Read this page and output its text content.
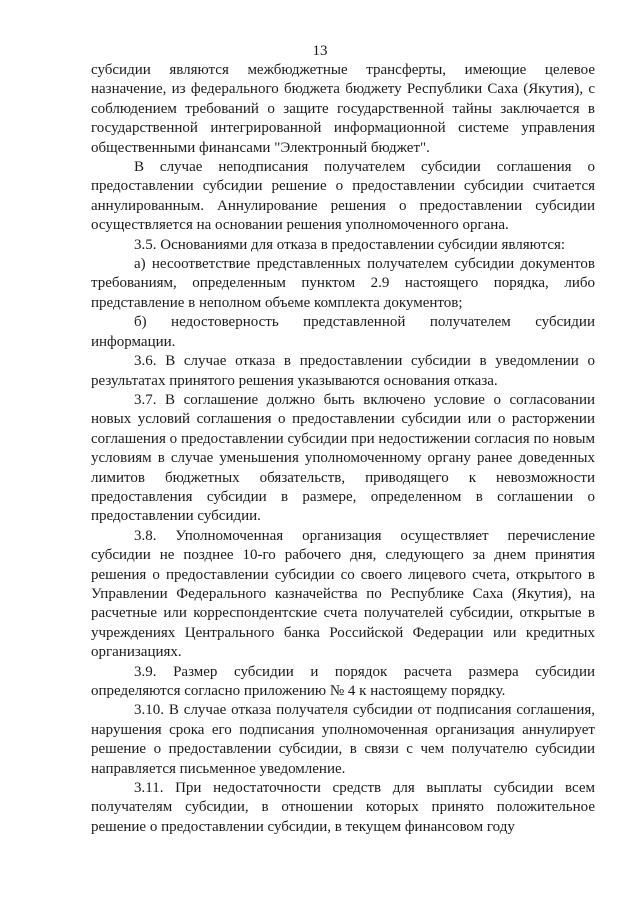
13

субсидии являются межбюджетные трансферты, имеющие целевое назначение, из федерального бюджета бюджету Республики Саха (Якутия), с соблюдением требований о защите государственной тайны заключается в государственной интегрированной информационной системе управления общественными финансами "Электронный бюджет".

В случае неподписания получателем субсидии соглашения о предоставлении субсидии решение о предоставлении субсидии считается аннулированным. Аннулирование решения о предоставлении субсидии осуществляется на основании решения уполномоченного органа.

3.5. Основаниями для отказа в предоставлении субсидии являются:

а) несоответствие представленных получателем субсидии документов требованиям, определенным пунктом 2.9 настоящего порядка, либо представление в неполном объеме комплекта документов;

б) недостоверность представленной получателем субсидии информации.

3.6. В случае отказа в предоставлении субсидии в уведомлении о результатах принятого решения указываются основания отказа.

3.7. В соглашение должно быть включено условие о согласовании новых условий соглашения о предоставлении субсидии или о расторжении соглашения о предоставлении субсидии при недостижении согласия по новым условиям в случае уменьшения уполномоченному органу ранее доведенных лимитов бюджетных обязательств, приводящего к невозможности предоставления субсидии в размере, определенном в соглашении о предоставлении субсидии.

3.8. Уполномоченная организация осуществляет перечисление субсидии не позднее 10-го рабочего дня, следующего за днем принятия решения о предоставлении субсидии со своего лицевого счета, открытого в Управлении Федерального казначейства по Республике Саха (Якутия), на расчетные или корреспондентские счета получателей субсидии, открытые в учреждениях Центрального банка Российской Федерации или кредитных организациях.

3.9. Размер субсидии и порядок расчета размера субсидии определяются согласно приложению № 4 к настоящему порядку.

3.10. В случае отказа получателя субсидии от подписания соглашения, нарушения срока его подписания уполномоченная организация аннулирует решение о предоставлении субсидии, в связи с чем получателю субсидии направляется письменное уведомление.

3.11. При недостаточности средств для выплаты субсидии всем получателям субсидии, в отношении которых принято положительное решение о предоставлении субсидии, в текущем финансовом году
